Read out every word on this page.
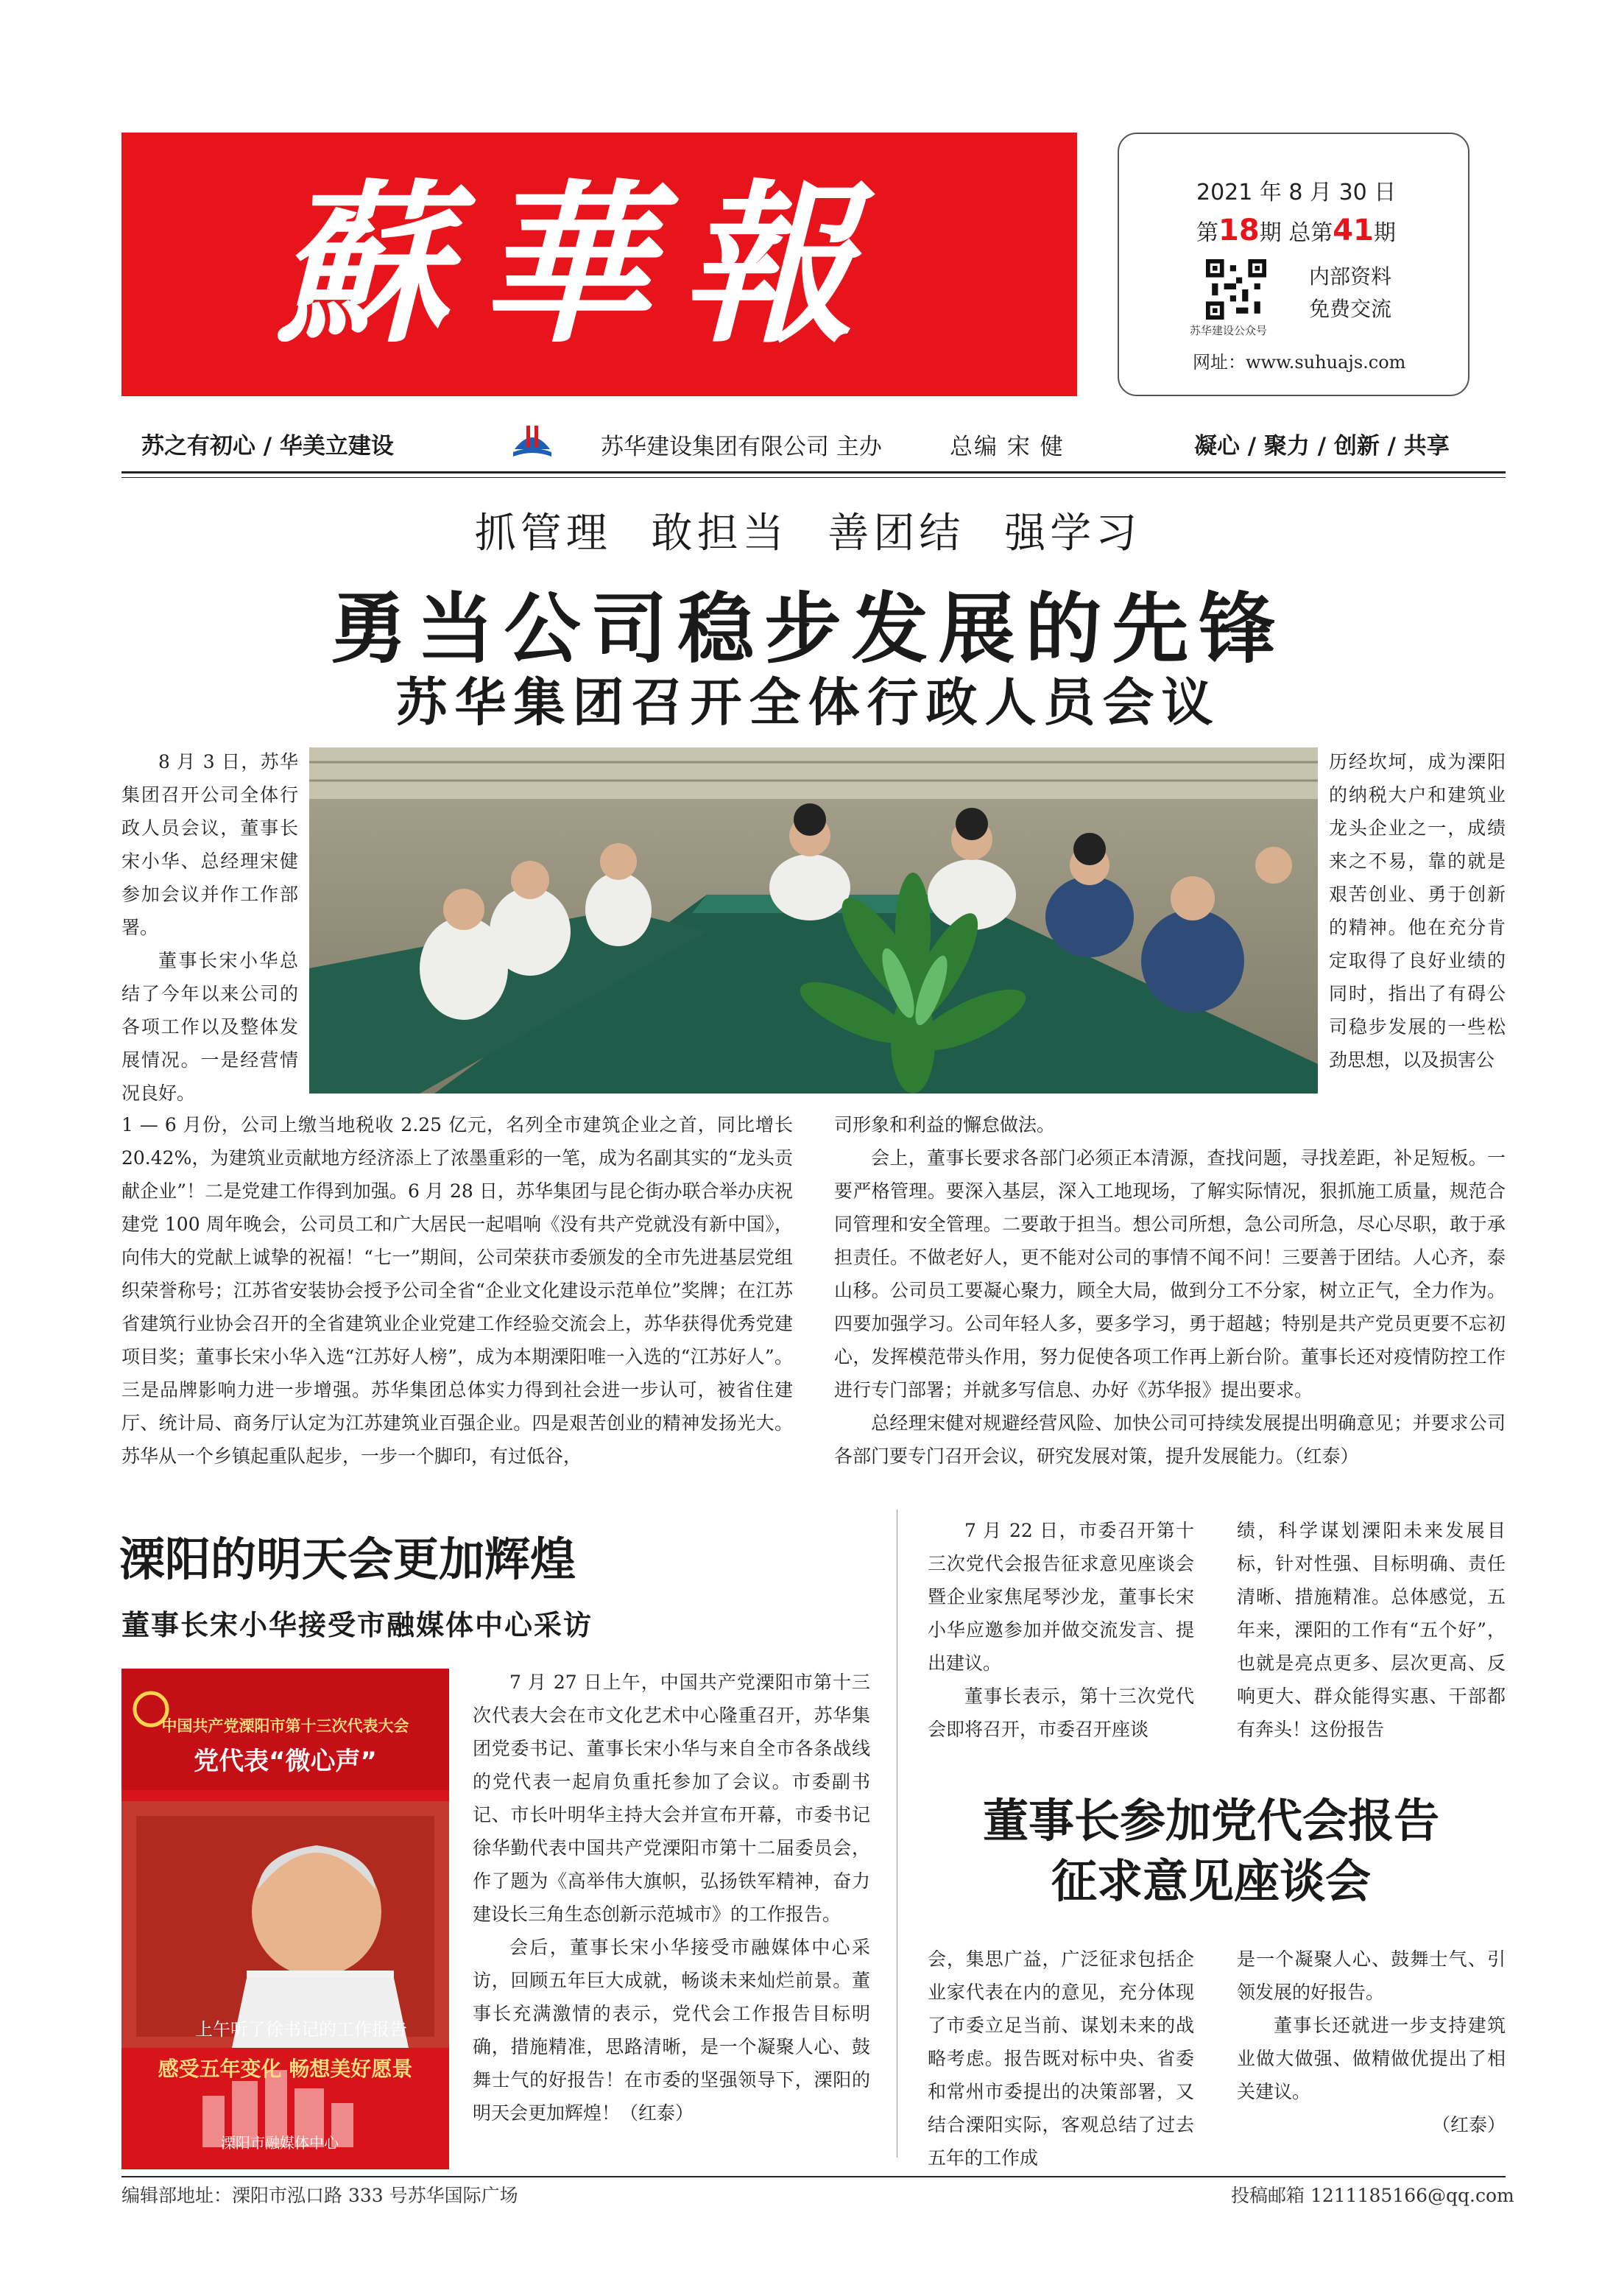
蘇華報	2021 年 8 月 30 日
第18期 总第41期
苏华建设公众号
内部资料
免费交流
网址：www.suhuajs.com
苏之有初心 / 华美立建设	苏华建设集团有限公司 主办	总编 宋 健	凝心 / 聚力 / 创新 / 共享
抓管理 敢担当 善团结 强学习
勇当公司稳步发展的先锋
苏华集团召开全体行政人员会议

8 月 3 日，苏华集团召开公司全体行政人员会议，董事长宋小华、总经理宋健参加会议并作工作部署。

董事长宋小华总结了今年以来公司的各项工作以及整体发展情况。一是经营情况良好。

历经坎坷，成为溧阳的纳税大户和建筑业龙头企业之一，成绩来之不易，靠的就是艰苦创业、勇于创新的精神。他在充分肯定取得了良好业绩的同时，指出了有碍公司稳步发展的一些松劲思想，以及损害公

1 — 6 月份，公司上缴当地税收 2.25 亿元，名列全市建筑企业之首，同比增长 20.42%，为建筑业贡献地方经济添上了浓墨重彩的一笔，成为名副其实的“龙头贡献企业”！二是党建工作得到加强。6 月 28 日，苏华集团与昆仑街办联合举办庆祝建党 100 周年晚会，公司员工和广大居民一起唱响《没有共产党就没有新中国》，向伟大的党献上诚挚的祝福！“七一”期间，公司荣获市委颁发的全市先进基层党组织荣誉称号；江苏省安装协会授予公司全省“企业文化建设示范单位”奖牌；在江苏省建筑行业协会召开的全省建筑业企业党建工作经验交流会上，苏华获得优秀党建项目奖；董事长宋小华入选“江苏好人榜”，成为本期溧阳唯一入选的“江苏好人”。三是品牌影响力进一步增强。苏华集团总体实力得到社会进一步认可，被省住建厅、统计局、商务厅认定为江苏建筑业百强企业。四是艰苦创业的精神发扬光大。苏华从一个乡镇起重队起步，一步一个脚印，有过低谷，

司形象和利益的懈怠做法。

会上，董事长要求各部门必须正本清源，查找问题，寻找差距，补足短板。一要严格管理。要深入基层，深入工地现场，了解实际情况，狠抓施工质量，规范合同管理和安全管理。二要敢于担当。想公司所想，急公司所急，尽心尽职，敢于承担责任。不做老好人，更不能对公司的事情不闻不问！三要善于团结。人心齐，泰山移。公司员工要凝心聚力，顾全大局，做到分工不分家，树立正气，全力作为。四要加强学习。公司年轻人多，要多学习，勇于超越；特别是共产党员更要不忘初心，发挥模范带头作用，努力促使各项工作再上新台阶。董事长还对疫情防控工作进行专门部署；并就多写信息、办好《苏华报》提出要求。

总经理宋健对规避经营风险、加快公司可持续发展提出明确意见；并要求公司各部门要专门召开会议，研究发展对策，提升发展能力。（红泰）

溧阳的明天会更加辉煌
董事长宋小华接受市融媒体中心采访
中国共产党溧阳市第十三次代表大会
党代表“微心声”
上午听了徐书记的工作报告
感受五年变化 畅想美好愿景
溧阳市融媒体中心

7 月 27 日上午，中国共产党溧阳市第十三次代表大会在市文化艺术中心隆重召开，苏华集团党委书记、董事长宋小华与来自全市各条战线的党代表一起肩负重托参加了会议。市委副书记、市长叶明华主持大会并宣布开幕，市委书记徐华勤代表中国共产党溧阳市第十二届委员会，作了题为《高举伟大旗帜，弘扬铁军精神，奋力建设长三角生态创新示范城市》的工作报告。

会后，董事长宋小华接受市融媒体中心采访，回顾五年巨大成就，畅谈未来灿烂前景。董事长充满激情的表示，党代会工作报告目标明确，措施精准，思路清晰，是一个凝聚人心、鼓舞士气的好报告！在市委的坚强领导下，溧阳的明天会更加辉煌！（红泰）

7 月 22 日，市委召开第十三次党代会报告征求意见座谈会暨企业家焦尾琴沙龙，董事长宋小华应邀参加并做交流发言、提出建议。

董事长表示，第十三次党代会即将召开，市委召开座谈

绩，科学谋划溧阳未来发展目标，针对性强、目标明确、责任清晰、措施精准。总体感觉，五年来，溧阳的工作有“五个好”，也就是亮点更多、层次更高、反响更大、群众能得实惠、干部都有奔头！这份报告

董事长参加党代会报告
征求意见座谈会

会，集思广益，广泛征求包括企业家代表在内的意见，充分体现了市委立足当前、谋划未来的战略考虑。报告既对标中央、省委和常州市委提出的决策部署，又结合溧阳实际，客观总结了过去五年的工作成

是一个凝聚人心、鼓舞士气、引领发展的好报告。

董事长还就进一步支持建筑业做大做强、做精做优提出了相关建议。

（红泰）

编辑部地址：溧阳市泓口路 333 号苏华国际广场	投稿邮箱 1211185166@qq.com
